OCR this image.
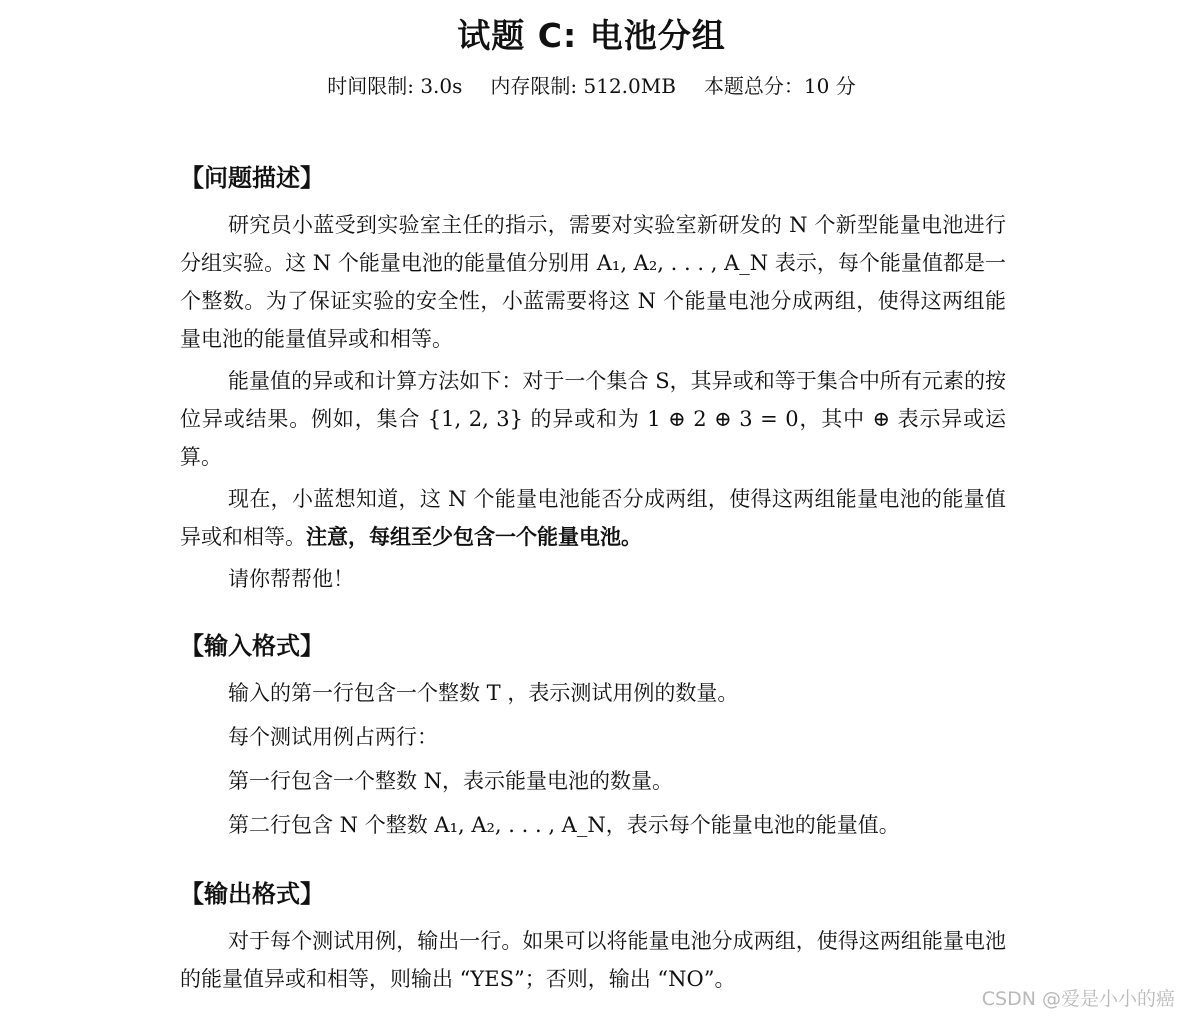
试题 C: 电池分组
时间限制: 3.0s 内存限制: 512.0MB 本题总分：10 分
【问题描述】

研究员小蓝受到实验室主任的指示，需要对实验室新研发的 N 个新型能量电池进行分组实验。这 N 个能量电池的能量值分别用 A₁, A₂, . . . , A_N 表示，每个能量值都是一个整数。为了保证实验的安全性，小蓝需要将这 N 个能量电池分成两组，使得这两组能量电池的能量值异或和相等。

能量值的异或和计算方法如下：对于一个集合 S，其异或和等于集合中所有元素的按位异或结果。例如，集合 {1, 2, 3} 的异或和为 1 ⊕ 2 ⊕ 3 = 0，其中 ⊕ 表示异或运算。

现在，小蓝想知道，这 N 个能量电池能否分成两组，使得这两组能量电池的能量值异或和相等。注意，每组至少包含一个能量电池。

请你帮帮他！

【输入格式】

输入的第一行包含一个整数 T ，表示测试用例的数量。

每个测试用例占两行：

第一行包含一个整数 N，表示能量电池的数量。

第二行包含 N 个整数 A₁, A₂, . . . , A_N，表示每个能量电池的能量值。

【输出格式】

对于每个测试用例，输出一行。如果可以将能量电池分成两组，使得这两组能量电池的能量值异或和相等，则输出 “YES”；否则，输出 “NO”。

CSDN @爱是小小的癌
